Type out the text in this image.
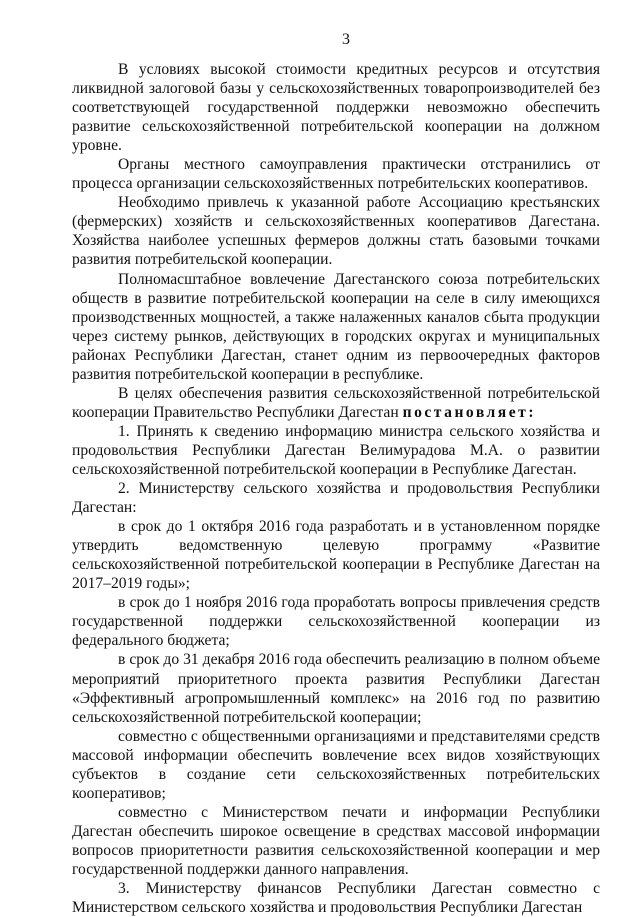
3

В условиях высокой стоимости кредитных ресурсов и отсутствия ликвидной залоговой базы у сельскохозяйственных товаропроизводителей без соответствующей государственной поддержки невозможно обеспечить развитие сельскохозяйственной потребительской кооперации на должном уровне.

Органы местного самоуправления практически отстранились от процесса организации сельскохозяйственных потребительских кооперативов.

Необходимо привлечь к указанной работе Ассоциацию крестьянских (фермерских) хозяйств и сельскохозяйственных кооперативов Дагестана. Хозяйства наиболее успешных фермеров должны стать базовыми точками развития потребительской кооперации.

Полномасштабное вовлечение Дагестанского союза потребительских обществ в развитие потребительской кооперации на селе в силу имеющихся производственных мощностей, а также налаженных каналов сбыта продукции через систему рынков, действующих в городских округах и муниципальных районах Республики Дагестан, станет одним из первоочередных факторов развития потребительской кооперации в республике.

В целях обеспечения развития сельскохозяйственной потребительской кооперации Правительство Республики Дагестан постановляет:

1. Принять к сведению информацию министра сельского хозяйства и продовольствия Республики Дагестан Велимурадова М.А. о развитии сельскохозяйственной потребительской кооперации в Республике Дагестан.

2. Министерству сельского хозяйства и продовольствия Республики Дагестан:

в срок до 1 октября 2016 года разработать и в установленном порядке утвердить ведомственную целевую программу «Развитие сельскохозяйственной потребительской кооперации в Республике Дагестан на 2017–2019 годы»;

в срок до 1 ноября 2016 года проработать вопросы привлечения средств государственной поддержки сельскохозяйственной кооперации из федерального бюджета;

в срок до 31 декабря 2016 года обеспечить реализацию в полном объеме мероприятий приоритетного проекта развития Республики Дагестан «Эффективный агропромышленный комплекс» на 2016 год по развитию сельскохозяйственной потребительской кооперации;

совместно с общественными организациями и представителями средств массовой информации обеспечить вовлечение всех видов хозяйствующих субъектов в создание сети сельскохозяйственных потребительских кооперативов;

совместно с Министерством печати и информации Республики Дагестан обеспечить широкое освещение в средствах массовой информации вопросов приоритетности развития сельскохозяйственной кооперации и мер государственной поддержки данного направления.

3. Министерству финансов Республики Дагестан совместно с Министерством сельского хозяйства и продовольствия Республики Дагестан
